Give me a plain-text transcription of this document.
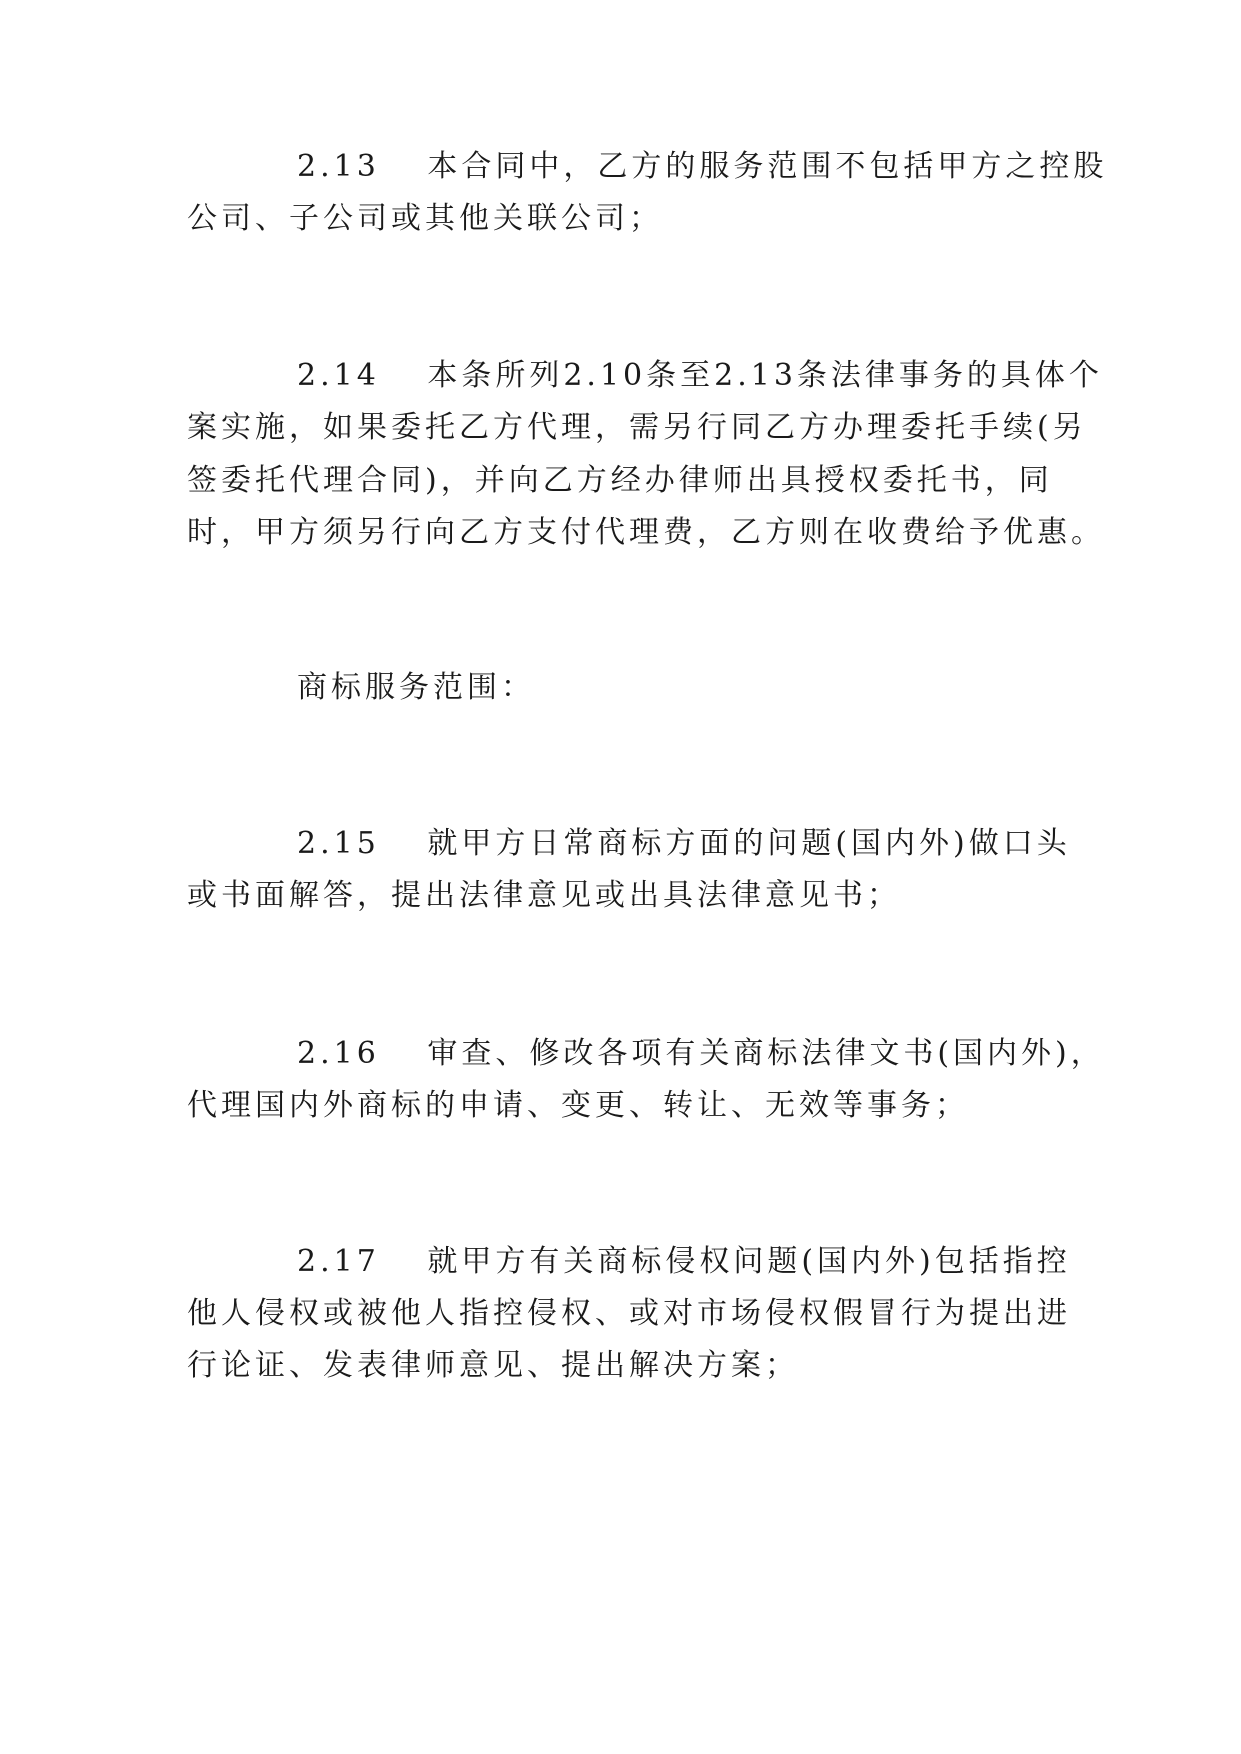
2.13　 本合同中，乙方的服务范围不包括甲方之控股
公司、子公司或其他关联公司；
2.14　 本条所列2.10条至2.13条法律事务的具体个
案实施，如果委托乙方代理，需另行同乙方办理委托手续(另
签委托代理合同)，并向乙方经办律师出具授权委托书，同
时，甲方须另行向乙方支付代理费，乙方则在收费给予优惠。
商标服务范围：
2.15　 就甲方日常商标方面的问题(国内外)做口头
或书面解答，提出法律意见或出具法律意见书；
2.16　 审查、修改各项有关商标法律文书(国内外)，
代理国内外商标的申请、变更、转让、无效等事务；
2.17　 就甲方有关商标侵权问题(国内外)包括指控
他人侵权或被他人指控侵权、或对市场侵权假冒行为提出进
行论证、发表律师意见、提出解决方案；
